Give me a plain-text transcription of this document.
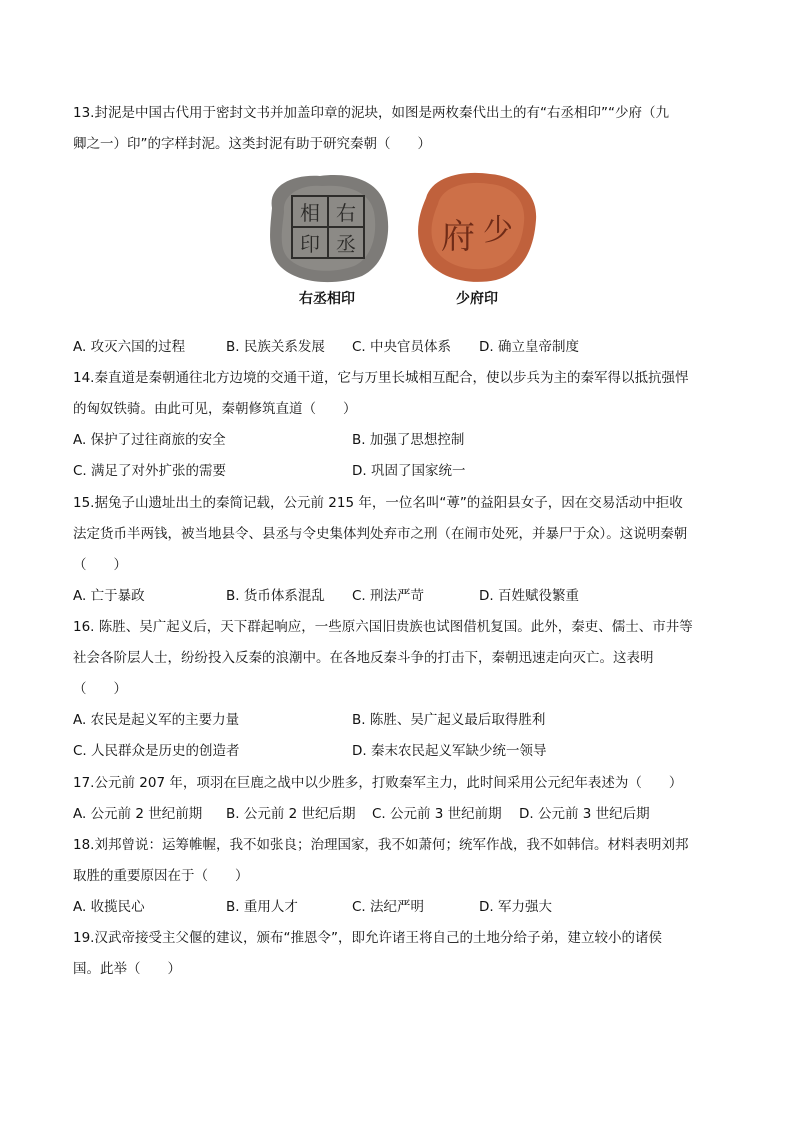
13.封泥是中国古代用于密封文书并加盖印章的泥块，如图是两枚秦代出土的有“右丞相印”“少府（九
卿之一）印”的字样封泥。这类封泥有助于研究秦朝（　　）
右
丞
相
印
右丞相印
府 少
少府印
A. 攻灭六国的过程	B. 民族关系发展 C. 中央官员体系 D. 确立皇帝制度
14.秦直道是秦朝通往北方边境的交通干道，它与万里长城相互配合，使以步兵为主的秦军得以抵抗强悍
的匈奴铁骑。由此可见，秦朝修筑直道（　　）
A. 保护了过往商旅的安全	B. 加强了思想控制
C. 满足了对外扩张的需要	D. 巩固了国家统一
15.据兔子山遗址出土的秦简记载，公元前 215 年，一位名叫“蒪”的益阳县女子，因在交易活动中拒收
法定货币半两钱，被当地县令、县丞与令史集体判处弃市之刑（在闹市处死，并暴尸于众）。这说明秦朝
（　　）
A. 亡于暴政	B. 货币体系混乱 C. 刑法严苛	D. 百姓赋役繁重
16. 陈胜、吴广起义后，天下群起响应，一些原六国旧贵族也试图借机复国。此外，秦吏、儒士、市井等
社会各阶层人士，纷纷投入反秦的浪潮中。在各地反秦斗争的打击下，秦朝迅速走向灭亡。这表明
（　　）
A. 农民是起义军的主要力量	B. 陈胜、吴广起义最后取得胜利
C. 人民群众是历史的创造者	D. 秦末农民起义军缺少统一领导
17.公元前 207 年，项羽在巨鹿之战中以少胜多，打败秦军主力，此时间采用公元纪年表述为（　　）
A. 公元前 2 世纪前期 B. 公元前 2 世纪后期 C. 公元前 3 世纪前期 D. 公元前 3 世纪后期
18.刘邦曾说：运筹帷幄，我不如张良；治理国家，我不如萧何；统军作战，我不如韩信。材料表明刘邦
取胜的重要原因在于（　　）
A. 收揽民心	B. 重用人才	C. 法纪严明	D. 军力强大
19.汉武帝接受主父偃的建议，颁布“推恩令”，即允许诸王将自己的土地分给子弟，建立较小的诸侯
国。此举（　　）
